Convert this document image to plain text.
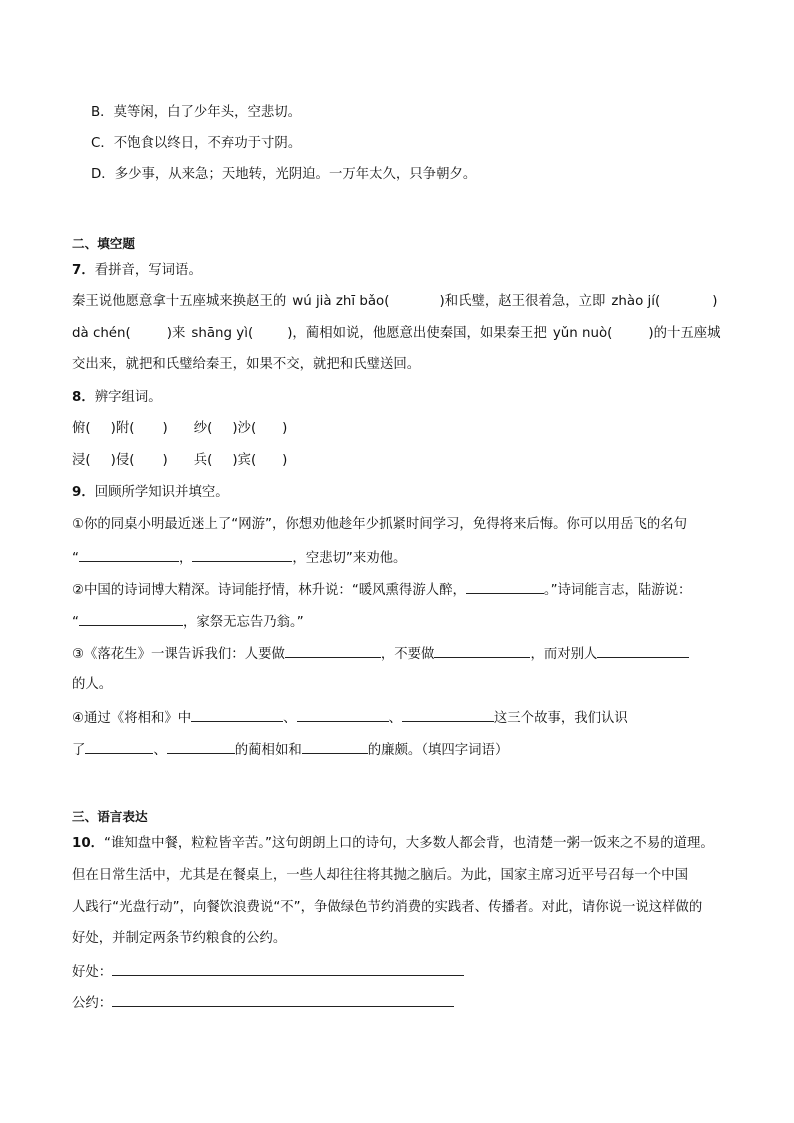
B．莫等闲，白了少年头，空悲切。
C．不饱食以终日，不弃功于寸阴。
D．多少事，从来急；天地转，光阴迫。一万年太久，只争朝夕。
二、填空题
7．看拼音，写词语。
秦王说他愿意拿十五座城来换赵王的 wú jià zhī bǎo(	)和氏璧，赵王很着急，立即 zhào jí(	)
dà chén(	)来 shāng yì(	)，蔺相如说，他愿意出使秦国，如果秦王把 yǔn nuò(	)的十五座城
交出来，就把和氏璧给秦王，如果不交，就把和氏璧送回。
8．辨字组词。
俯( )附( ) 纱( )沙( )
浸( )侵( ) 兵( )宾( )
9．回顾所学知识并填空。
①你的同桌小明最近迷上了“网游”，你想劝他趁年少抓紧时间学习，免得将来后悔。你可以用岳飞的名句
“	，	，空悲切”来劝他。
②中国的诗词博大精深。诗词能抒情，林升说：“暖风熏得游人醉，	。”诗词能言志，陆游说：
“	，家祭无忘告乃翁。”
③《落花生》一课告诉我们：人要做	，不要做	，而对别人
的人。
④通过《将相和》中	、	、	这三个故事，我们认识
了	、	的蔺相如和	的廉颇。（填四字词语）
三、语言表达
10．“谁知盘中餐，粒粒皆辛苦。”这句朗朗上口的诗句，大多数人都会背，也清楚一粥一饭来之不易的道理。
但在日常生活中，尤其是在餐桌上，一些人却往往将其抛之脑后。为此，国家主席习近平号召每一个中国
人践行“光盘行动”，向餐饮浪费说“不”，争做绿色节约消费的实践者、传播者。对此，请你说一说这样做的
好处，并制定两条节约粮食的公约。
好处：
公约：
